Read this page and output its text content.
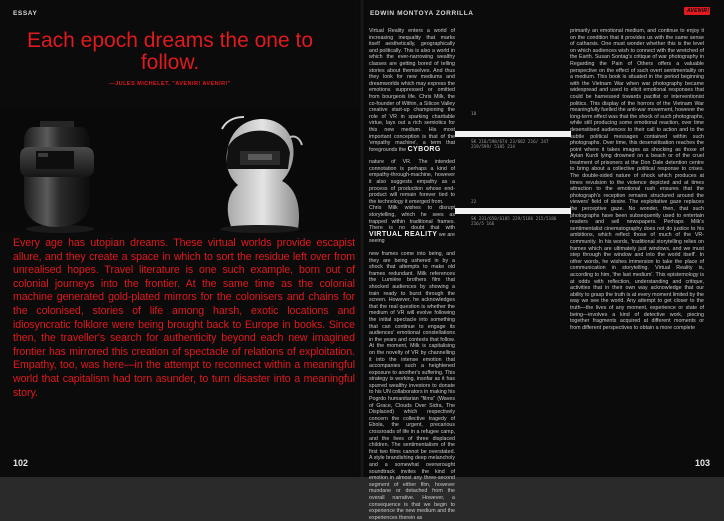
ESSAY
Each epoch dreams the one to follow.
—JULES MICHELET, "AVENIR! AVENIR!"

Every age has utopian dreams. These virtual worlds provide escapist allure, and they create a space in which to sort the residue left over from unrealised hopes. Travel literature is one such example, born out of colonial journeys into the frontier. At the same time as the colonial machine generated gold-plated mirrors for the colonisers and chains for the colonised, stories of life among harsh, exotic locations and idiosyncratic folklore were being brought back to Europe in books. Since then, the traveller's search for authenticity beyond each new imagined frontier has mirrored this creation of spectacle of relations of exploitation. Empathy, too, was here—in the attempt to reconnect within a meaningful world that capitalism had torn asunder, to turn disaster into a meaningful story.

102
EDWIN MONTOYA ZORRILLA	AVENIR!

Virtual Reality enters a world of increasing inequality that marks itself aesthetically, geographically and politically. This is also a world in which the ever-narrowing wealthy classes are getting bored of telling stories about themselves. And thus they look for new mediums and dreamworlds which may express the emotions suppressed or omitted from bourgeois life. Chris Milk, the co-founder of Within, a Silicon Valley creative start-up championing the role of VR in sparking charitable virtue, lays out a rich semiotics for this new medium. His most important conception is that of the 'empathy machine', a term that foregrounds the CYBORG

nature of VR. The intended connotation is perhaps a kind of empathy-through-machine, however it also suggests empathy as a process of production whose end-product will remain forever tied to the technology it emerged from.

Chris Milk wishes to disrupt storytelling, which he sees as trapped within traditional frames. There is no doubt that with VIRTUAL REALITY we are seeing

new frames come into being, and they are being ushered in by a shock that attempts to make old frames redundant. Milk references the Lumière brothers film that shocked audiences by showing a train ready to burst through the screen. However, he acknowledges that the real question is whether the medium of VR will evolve following the initial spectacle into something that can continue to engage its audiences' emotional constellations in the years and contexts that follow. At the moment, Milk is capitalising on the novelty of VR by channelling it into the intense emotion that accompanies such a heightened exposure to another's suffering. This strategy is working, insofar as it has spurred wealthy investors to donate to his UN collaborators in making his Pogrdo humanitarian "films" (Waves of Grace, Clouds Over Sidra, The Displaced) which respectively concern the collective tragedy of Ebola, the urgent, precarious crossroads of life in a refugee camp, and the lives of three displaced children. The sentimentalism of the first two films cannot be overstated. A style brandishing deep melancholy and a somewhat overwrought soundtrack invites the kind of emotion in almost any three-second segment of either film, however mundane or detached from the overall narrative. However, a consequence is that we begin to experience the new medium and the experiences therein as

18
SK 218/598/674 23/682 216/ 247 219/599/ 5185 214
22
SK 231/650/6185 229/5186 215/5186 216/5 166

primarily an emotional medium, and continue to enjoy it on the condition that it provides us with the same sense of catharsis. One must wonder whether this is the level on which audiences wish to connect with the wretched of the Earth. Susan Sontag's critique of war photography in Regarding the Pain of Others offers a valuable perspective on the effect of such overt sentimentality on a medium. This book is situated in the period beginning with the Vietnam War when war photography became widespread and used to elicit emotional responses that could be harnessed towards pacifist or interventionist politics. This display of the horrors of the Vietnam War meaningfully fuelled the anti-war movement, however the long-term effect was that the shock of such photographs, while still producing some emotional reaction, over time desensitised audiences to their call to action and to the subtle political messages contained within such photographs. Over time, this desensitisation reaches the point where it takes images as shocking as those of Aylan Kurdi lying drowned on a beach or of the cruel treatment of prisoners at the Don Dale detention centre to bring about a collective political response to crises. The double-sided nature of shock which produces at times revulsion to the violence depicted and at times attraction to the emotional rush ensures that the photograph's reception remains structured around the viewers' field of desire. The exploitative gaze replaces the perceptive gaze. No wonder, then, that such photographs have been subsequently used to entertain readers and sell newspapers. Perhaps Milk's sentimentalist cinematography does not do justice to his ambitions, which reflect those of much of the VR-community. In his words, 'traditional storytelling relies on frames which are ultimately just windows, and we must step through the window and into the world itself'. In other words, he wishes immersion to take the place of communication in storytelling. Virtual Reality is, according to him, 'the last medium'. This epistemology is at odds with reflection, understanding and critique, activities that in their own way acknowledge that our ability to grasp the truth is at every moment limited by the way we see the world. Any attempt to get closer to the truth—the lives of any moment, experience or state of being—involves a kind of detective work, piecing together fragments acquired at different moments or from different perspectives to obtain a more complete

103
